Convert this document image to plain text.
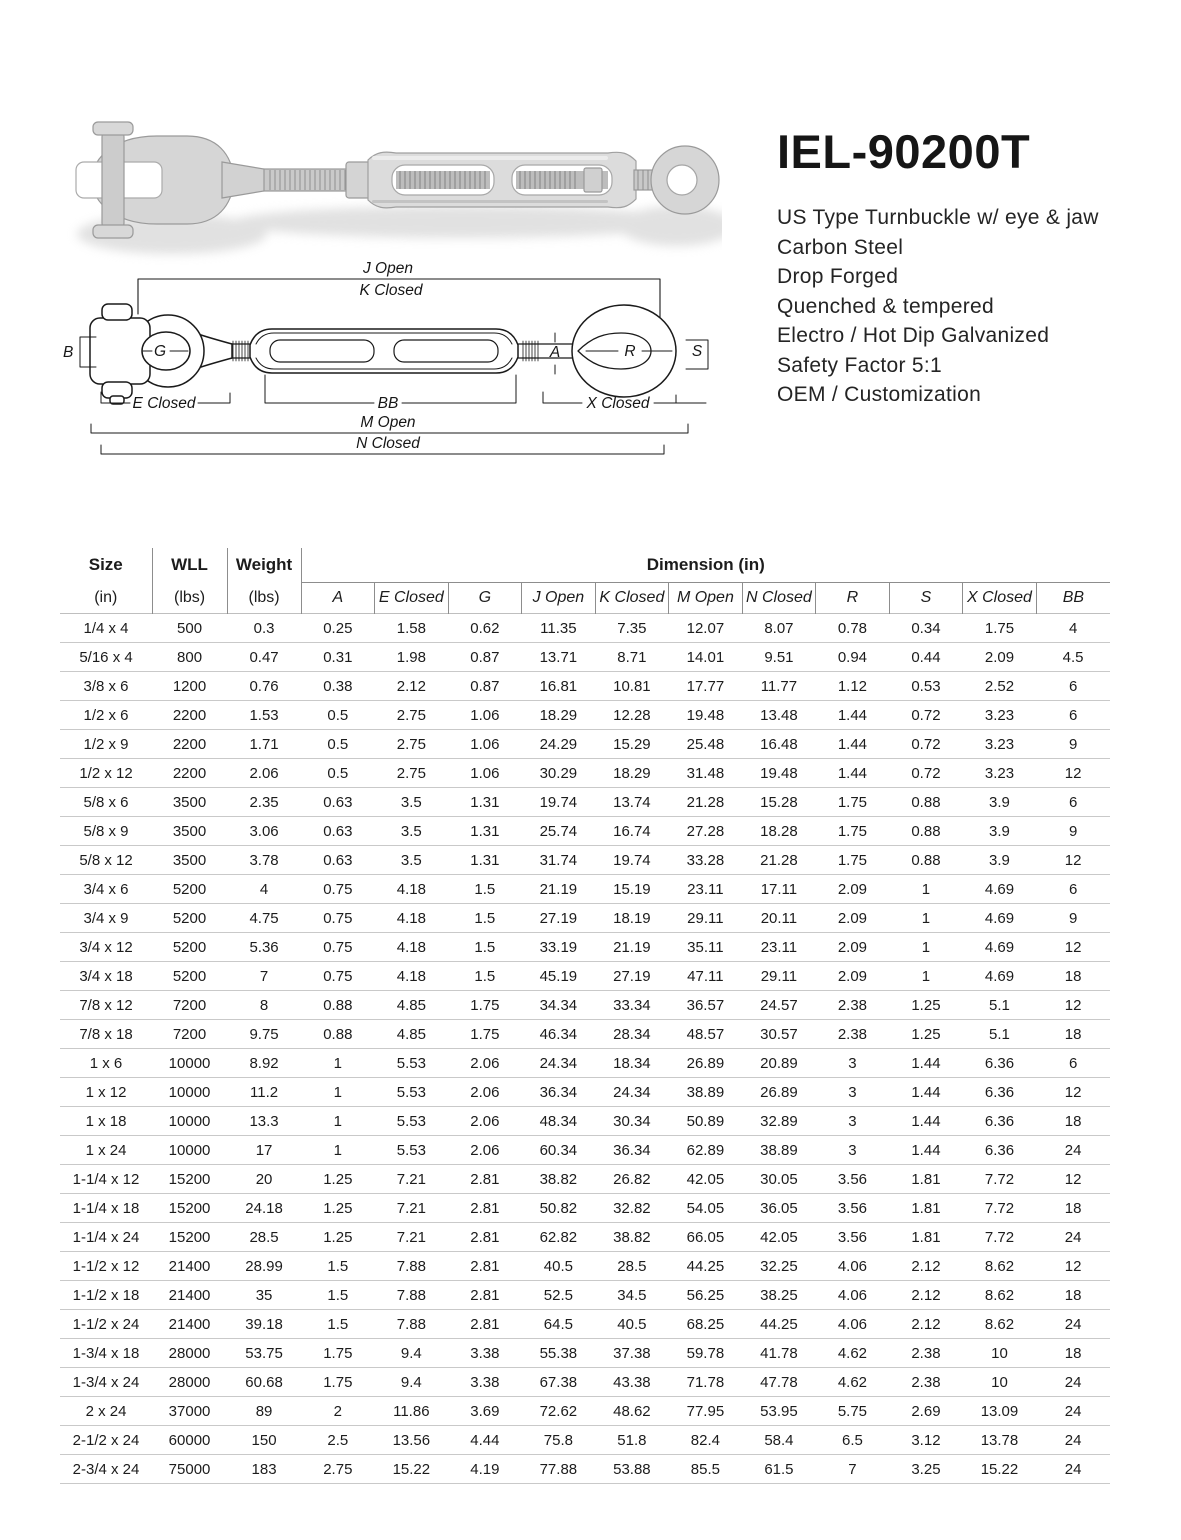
IEL-90200T
US Type Turnbuckle w/ eye & jaw
Carbon Steel
Drop Forged
Quenched & tempered
Electro / Hot Dip Galvanized
Safety Factor 5:1
OEM / Customization
J Open
K Closed
B	G	A	R	S
E Closed	BB	X Closed
M Open
N Closed
Size	WLL	Weight	Dimension (in)										
(in)	(lbs)	(lbs)	A	E Closed	G	J Open	K Closed	M Open	N Closed	R	S	X Closed	BB
1/4 x 4	500	0.3	0.25	1.58	0.62	11.35	7.35	12.07	8.07	0.78	0.34	1.75	4
5/16 x 4	800	0.47	0.31	1.98	0.87	13.71	8.71	14.01	9.51	0.94	0.44	2.09	4.5
3/8 x 6	1200	0.76	0.38	2.12	0.87	16.81	10.81	17.77	11.77	1.12	0.53	2.52	6
1/2 x 6	2200	1.53	0.5	2.75	1.06	18.29	12.28	19.48	13.48	1.44	0.72	3.23	6
1/2 x 9	2200	1.71	0.5	2.75	1.06	24.29	15.29	25.48	16.48	1.44	0.72	3.23	9
1/2 x 12	2200	2.06	0.5	2.75	1.06	30.29	18.29	31.48	19.48	1.44	0.72	3.23	12
5/8 x 6	3500	2.35	0.63	3.5	1.31	19.74	13.74	21.28	15.28	1.75	0.88	3.9	6
5/8 x 9	3500	3.06	0.63	3.5	1.31	25.74	16.74	27.28	18.28	1.75	0.88	3.9	9
5/8 x 12	3500	3.78	0.63	3.5	1.31	31.74	19.74	33.28	21.28	1.75	0.88	3.9	12
3/4 x 6	5200	4	0.75	4.18	1.5	21.19	15.19	23.11	17.11	2.09	1	4.69	6
3/4 x 9	5200	4.75	0.75	4.18	1.5	27.19	18.19	29.11	20.11	2.09	1	4.69	9
3/4 x 12	5200	5.36	0.75	4.18	1.5	33.19	21.19	35.11	23.11	2.09	1	4.69	12
3/4 x 18	5200	7	0.75	4.18	1.5	45.19	27.19	47.11	29.11	2.09	1	4.69	18
7/8 x 12	7200	8	0.88	4.85	1.75	34.34	33.34	36.57	24.57	2.38	1.25	5.1	12
7/8 x 18	7200	9.75	0.88	4.85	1.75	46.34	28.34	48.57	30.57	2.38	1.25	5.1	18
1 x 6	10000	8.92	1	5.53	2.06	24.34	18.34	26.89	20.89	3	1.44	6.36	6
1 x 12	10000	11.2	1	5.53	2.06	36.34	24.34	38.89	26.89	3	1.44	6.36	12
1 x 18	10000	13.3	1	5.53	2.06	48.34	30.34	50.89	32.89	3	1.44	6.36	18
1 x 24	10000	17	1	5.53	2.06	60.34	36.34	62.89	38.89	3	1.44	6.36	24
1-1/4 x 12	15200	20	1.25	7.21	2.81	38.82	26.82	42.05	30.05	3.56	1.81	7.72	12
1-1/4 x 18	15200	24.18	1.25	7.21	2.81	50.82	32.82	54.05	36.05	3.56	1.81	7.72	18
1-1/4 x 24	15200	28.5	1.25	7.21	2.81	62.82	38.82	66.05	42.05	3.56	1.81	7.72	24
1-1/2 x 12	21400	28.99	1.5	7.88	2.81	40.5	28.5	44.25	32.25	4.06	2.12	8.62	12
1-1/2 x 18	21400	35	1.5	7.88	2.81	52.5	34.5	56.25	38.25	4.06	2.12	8.62	18
1-1/2 x 24	21400	39.18	1.5	7.88	2.81	64.5	40.5	68.25	44.25	4.06	2.12	8.62	24
1-3/4 x 18	28000	53.75	1.75	9.4	3.38	55.38	37.38	59.78	41.78	4.62	2.38	10	18
1-3/4 x 24	28000	60.68	1.75	9.4	3.38	67.38	43.38	71.78	47.78	4.62	2.38	10	24
2 x 24	37000	89	2	11.86	3.69	72.62	48.62	77.95	53.95	5.75	2.69	13.09	24
2-1/2 x 24	60000	150	2.5	13.56	4.44	75.8	51.8	82.4	58.4	6.5	3.12	13.78	24
2-3/4 x 24	75000	183	2.75	15.22	4.19	77.88	53.88	85.5	61.5	7	3.25	15.22	24
